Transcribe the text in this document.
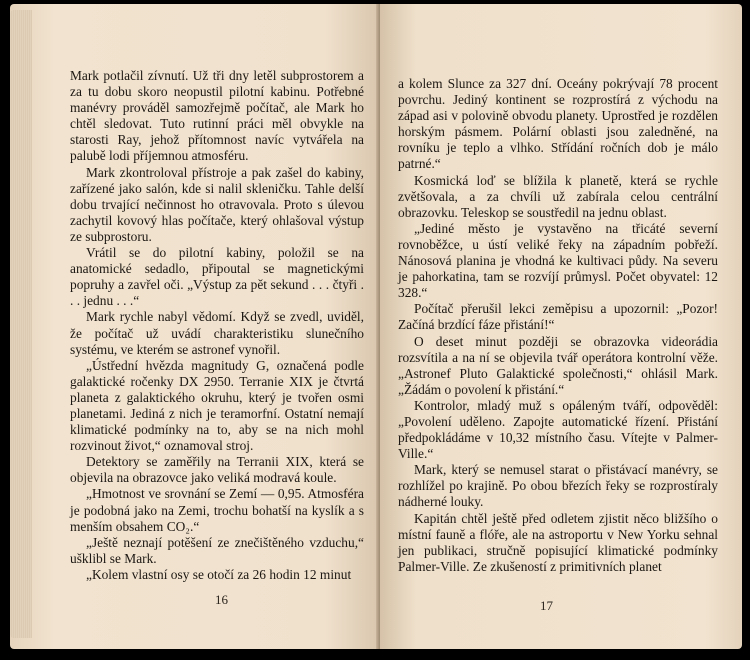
Mark potlačil zívnutí. Už tři dny letěl subprostorem a za tu dobu skoro neopustil pilotní kabinu. Potřebné manévry prováděl samozřejmě počítač, ale Mark ho chtěl sledovat. Tuto rutinní práci měl obvykle na starosti Ray, jehož přítomnost navíc vytvářela na palubě lodi příjemnou atmosféru.

Mark zkontroloval přístroje a pak zašel do kabiny, zařízené jako salón, kde si nalil skleničku. Tahle delší dobu trvající nečinnost ho otravovala. Proto s úlevou zachytil kovový hlas počítače, který ohlašoval výstup ze subprostoru.

Vrátil se do pilotní kabiny, položil se na anatomické sedadlo, připoutal se magnetickými popruhy a zavřel oči. „Výstup za pět sekund . . . čtyři . . . jednu . . .“

Mark rychle nabyl vědomí. Když se zvedl, uviděl, že počítač už uvádí charakteristiku slunečního systému, ve kterém se astronef vynořil.

„Ústřední hvězda magnitudy G, označená podle galaktické ročenky DX 2950. Terranie XIX je čtvrtá planeta z galaktického okruhu, který je tvořen osmi planetami. Jediná z nich je teramorfní. Ostatní nemají klimatické podmínky na to, aby se na nich mohl rozvinout život,“ oznamoval stroj.

Detektory se zaměřily na Terranii XIX, která se objevila na obrazovce jako veliká modravá koule.

„Hmotnost ve srovnání se Zemí — 0,95. Atmosféra je podobná jako na Zemi, trochu bohatší na kyslík a s menším obsahem CO₂.“

„Ještě neznají potěšení ze znečištěného vzduchu,“ ušklibl se Mark.

„Kolem vlastní osy se otočí za 26 hodin 12 minut

16

a kolem Slunce za 327 dní. Oceány pokrývají 78 procent povrchu. Jediný kontinent se rozprostírá z východu na západ asi v polovině obvodu planety. Uprostřed je rozdělen horským pásmem. Polární oblasti jsou zaledněné, na rovníku je teplo a vlhko. Střídání ročních dob je málo patrné.“

Kosmická loď se blížila k planetě, která se rychle zvětšovala, a za chvíli už zabírala celou centrální obrazovku. Teleskop se soustředil na jednu oblast.

„Jediné město je vystavěno na třicáté severní rovnoběžce, u ústí veliké řeky na západním pobřeží. Nánosová planina je vhodná ke kultivaci půdy. Na severu je pahorkatina, tam se rozvíjí průmysl. Počet obyvatel: 12 328.“

Počítač přerušil lekci zeměpisu a upozornil: „Pozor! Začíná brzdící fáze přistání!“

O deset minut později se obrazovka videorádia rozsvítila a na ní se objevila tvář operátora kontrolní věže. „Astronef Pluto Galaktické společnosti,“ ohlásil Mark. „Žádám o povolení k přistání.“

Kontrolor, mladý muž s opáleným tváří, odpověděl: „Povolení uděleno. Zapojte automatické řízení. Přistání předpokládáme v 10,32 místního času. Vítejte v Palmer-Ville.“

Mark, který se nemusel starat o přistávací manévry, se rozhlížel po krajině. Po obou březích řeky se rozprostíraly nádherné louky.

Kapitán chtěl ještě před odletem zjistit něco bližšího o místní fauně a flóře, ale na astroportu v New Yorku sehnal jen publikaci, stručně popisující klimatické podmínky Palmer-Ville. Ze zkušeností z primitivních planet

17
